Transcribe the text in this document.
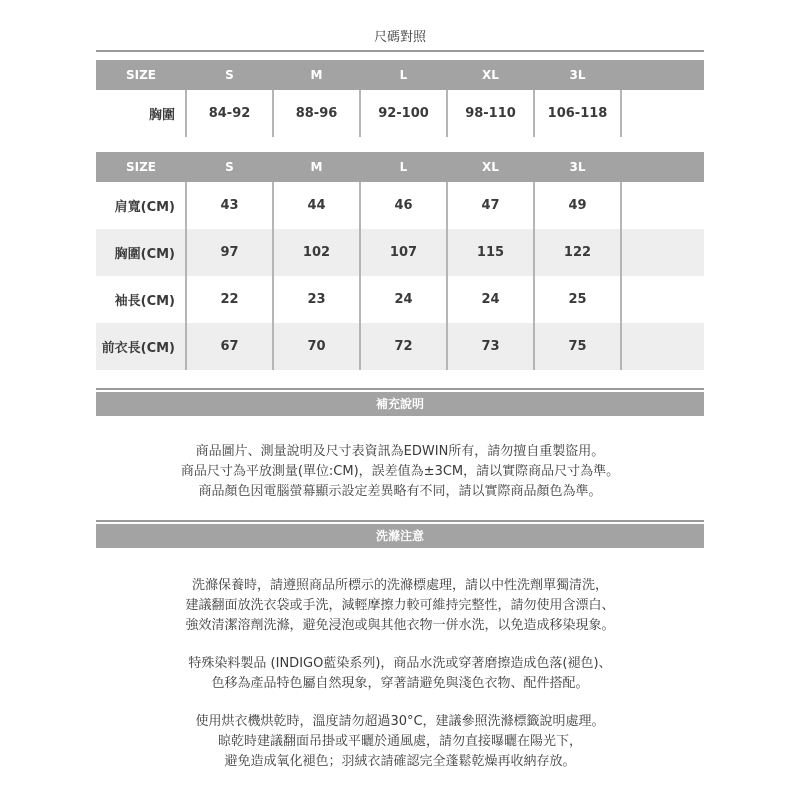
尺碼對照
SIZE	S	M	L	XL	3L	
胸圍	84-92	88-96	92-100	98-110	106-118	
SIZE	S	M	L	XL	3L	
肩寬(CM)	43	44	46	47	49	
胸圍(CM)	97	102	107	115	122	
袖長(CM)	22	23	24	24	25	
前衣長(CM)	67	70	72	73	75	
補充說明

商品圖片、測量說明及尺寸表資訊為EDWIN所有，請勿擅自重製盜用。

商品尺寸為平放測量(單位:CM)，誤差值為±3CM，請以實際商品尺寸為準。

商品顏色因電腦螢幕顯示設定差異略有不同，請以實際商品顏色為準。

洗滌注意

洗滌保養時，請遵照商品所標示的洗滌標處理，請以中性洗劑單獨清洗，

建議翻面放洗衣袋或手洗，減輕摩擦力較可維持完整性，請勿使用含漂白、

強效清潔溶劑洗滌，避免浸泡或與其他衣物一併水洗，以免造成移染現象。

特殊染料製品 (INDIGO藍染系列)，商品水洗或穿著磨擦造成色落(褪色)、

色移為產品特色屬自然現象，穿著請避免與淺色衣物、配件搭配。

使用烘衣機烘乾時，溫度請勿超過30°C，建議參照洗滌標籤說明處理。

晾乾時建議翻面吊掛或平曬於通風處，請勿直接曝曬在陽光下，

避免造成氧化褪色；羽絨衣請確認完全蓬鬆乾燥再收納存放。
